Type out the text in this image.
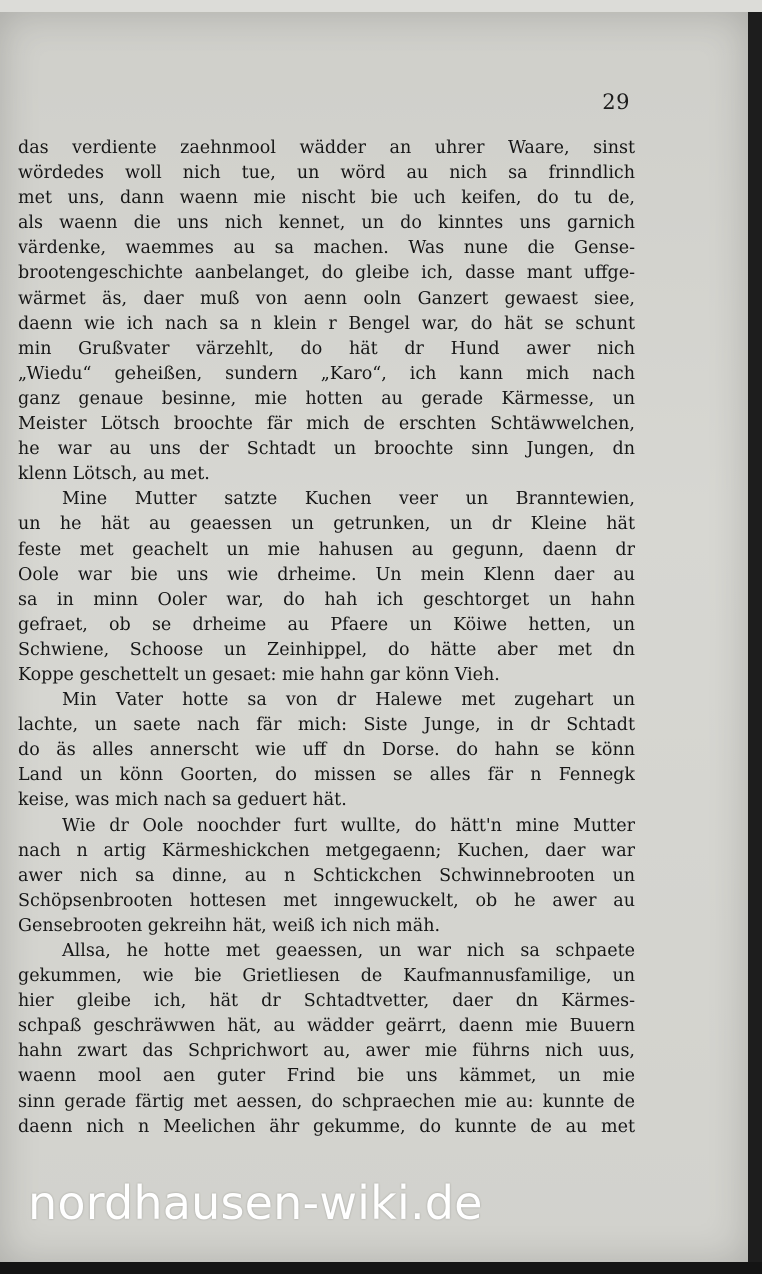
29
das verdiente zaehnmool wädder an uhrer Waare, sinst
wördedes woll nich tue, un wörd au nich sa frinndlich
met uns, dann waenn mie nischt bie uch keifen, do tu de,
als waenn die uns nich kennet, un do kinntes uns garnich
värdenke, waemmes au sa machen. Was nune die Gense-
brootengeschichte aanbelanget, do gleibe ich, dasse mant uffge-
wärmet äs, daer muß von aenn ooln Ganzert gewaest siee,
daenn wie ich nach sa n klein r Bengel war, do hät se schunt
min Grußvater värzehlt, do hät dr Hund awer nich
„Wiedu“ geheißen, sundern „Karo“, ich kann mich nach
ganz genaue besinne, mie hotten au gerade Kärmesse, un
Meister Lötsch broochte fär mich de erschten Schtäwwelchen,
he war au uns der Schtadt un broochte sinn Jungen, dn
klenn Lötsch, au met.
Mine Mutter satzte Kuchen veer un Branntewien,
un he hät au geaessen un getrunken, un dr Kleine hät
feste met geachelt un mie hahusen au gegunn, daenn dr
Oole war bie uns wie drheime. Un mein Klenn daer au
sa in minn Ooler war, do hah ich geschtorget un hahn
gefraet, ob se drheime au Pfaere un Köiwe hetten, un
Schwiene, Schoose un Zeinhippel, do hätte aber met dn
Koppe geschettelt un gesaet: mie hahn gar könn Vieh.
Min Vater hotte sa von dr Halewe met zugehart un
lachte, un saete nach fär mich: Siste Junge, in dr Schtadt
do äs alles annerscht wie uff dn Dorse. do hahn se könn
Land un könn Goorten, do missen se alles fär n Fennegk
keise, was mich nach sa geduert hät.
Wie dr Oole noochder furt wullte, do hätt'n mine Mutter
nach n artig Kärmeshickchen metgegaenn; Kuchen, daer war
awer nich sa dinne, au n Schtickchen Schwinnebrooten un
Schöpsenbrooten hottesen met inngewuckelt, ob he awer au
Gensebrooten gekreihn hät, weiß ich nich mäh.
Allsa, he hotte met geaessen, un war nich sa schpaete
gekummen, wie bie Grietliesen de Kaufmannusfamilige, un
hier gleibe ich, hät dr Schtadtvetter, daer dn Kärmes-
schpaß geschräwwen hät, au wädder geärrt, daenn mie Buuern
hahn zwart das Schprichwort au, awer mie führns nich uus,
waenn mool aen guter Frind bie uns kämmet, un mie
sinn gerade färtig met aessen, do schpraechen mie au: kunnte de
daenn nich n Meelichen ähr gekumme, do kunnte de au met
nordhausen-wiki.de
